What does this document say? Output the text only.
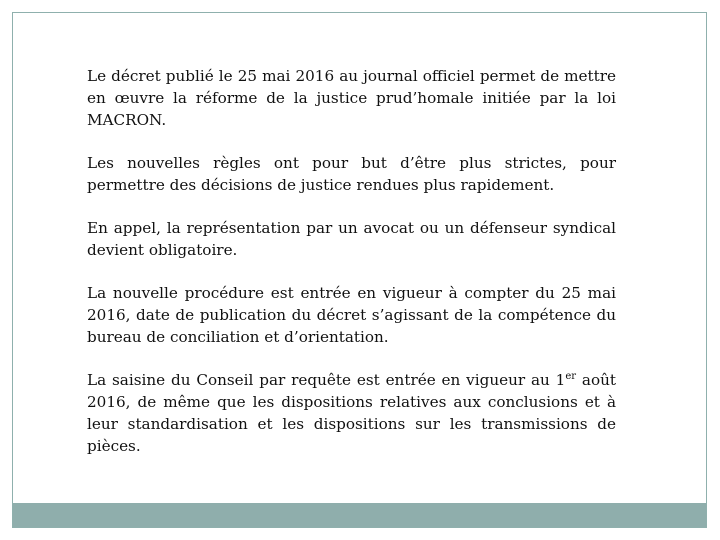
Le décret publié le 25 mai 2016 au journal officiel permet de mettre en œuvre la réforme de la justice prud’homale initiée par la loi MACRON.

Les nouvelles règles ont pour but d’être plus strictes, pour permettre des décisions de justice rendues plus rapidement.

En appel, la représentation par un avocat ou un défenseur syndical devient obligatoire.

La nouvelle procédure est entrée en vigueur à compter du 25 mai 2016, date de publication du décret s’agissant de la compétence du bureau de conciliation et d’orientation.

La saisine du Conseil par requête est entrée en vigueur au 1er août 2016, de même que les dispositions relatives aux conclusions et à leur standardisation et les dispositions sur les transmissions de pièces.
